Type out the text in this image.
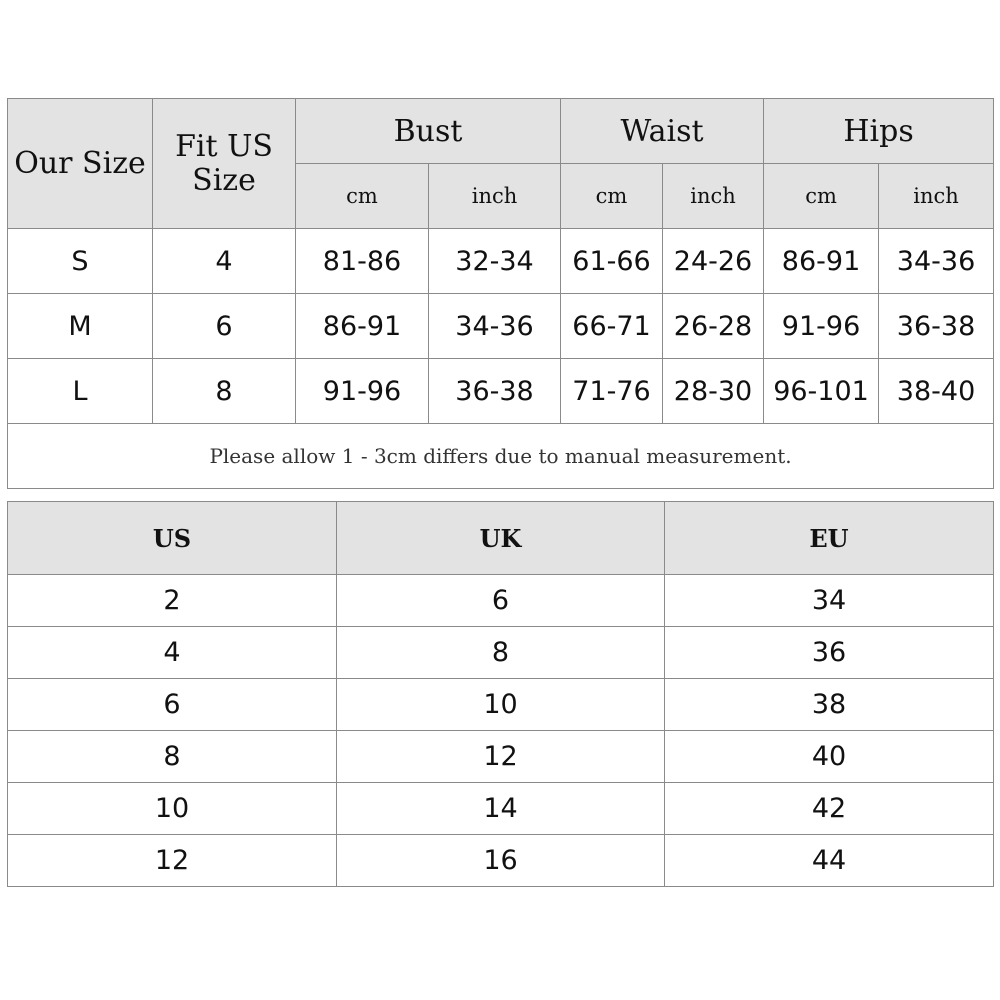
Our Size	Fit US Size	Bust		Waist		Hips	
		cm	inch	cm	inch	cm	inch
S	4	81-86	32-34	61-66	24-26	86-91	34-36
M	6	86-91	34-36	66-71	26-28	91-96	36-38
L	8	91-96	36-38	71-76	28-30	96-101	38-40
Please allow 1 - 3cm differs due to manual measurement.							
US	UK	EU
2	6	34
4	8	36
6	10	38
8	12	40
10	14	42
12	16	44
